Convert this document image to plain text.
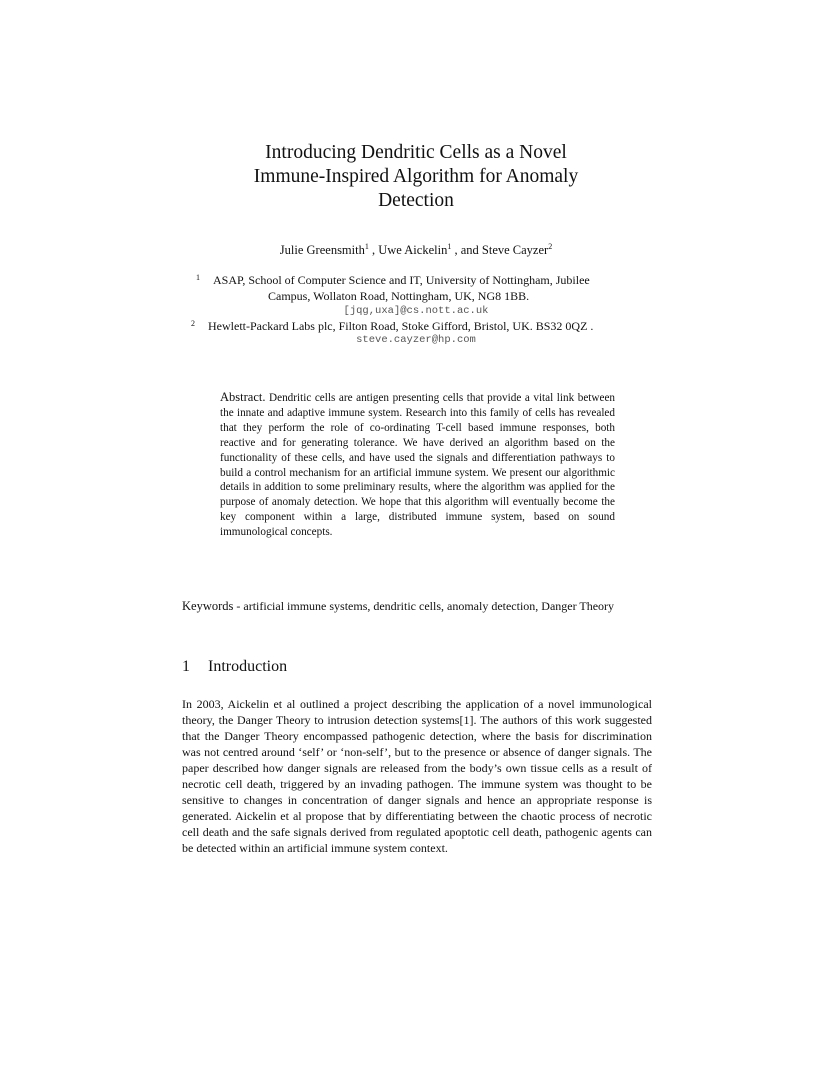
Introducing Dendritic Cells as a Novel
Immune-Inspired Algorithm for Anomaly
Detection
Julie Greensmith$^1$ , Uwe Aickelin$^1$ , and Steve Cayzer$^2$
1 ASAP, School of Computer Science and IT, University of Nottingham, Jubilee
Campus, Wollaton Road, Nottingham, UK, NG8 1BB.
[jqg,uxa]@cs.nott.ac.uk
2 Hewlett-Packard Labs plc, Filton Road, Stoke Gifford, Bristol, UK. BS32 0QZ .
steve.cayzer@hp.com
Abstract. Dendritic cells are antigen presenting cells that provide a vital link between the innate and adaptive immune system. Research into this family of cells has revealed that they perform the role of co-ordinating T-cell based immune responses, both reactive and for generating tolerance. We have derived an algorithm based on the functionality of these cells, and have used the signals and differentiation pathways to build a control mechanism for an artificial immune system. We present our algorithmic details in addition to some preliminary results, where the algorithm was applied for the purpose of anomaly detection. We hope that this algorithm will eventually become the key component within a large, distributed immune system, based on sound immunological concepts.
Keywords - artificial immune systems, dendritic cells, anomaly detection, Danger Theory
1 Introduction
In 2003, Aickelin et al outlined a project describing the application of a novel immunological theory, the Danger Theory to intrusion detection systems[1]. The authors of this work suggested that the Danger Theory encompassed pathogenic detection, where the basis for discrimination was not centred around ‘self’ or ‘non-self’, but to the presence or absence of danger signals. The paper described how danger signals are released from the body’s own tissue cells as a result of necrotic cell death, triggered by an invading pathogen. The immune system was thought to be sensitive to changes in concentration of danger signals and hence an appropriate response is generated. Aickelin et al propose that by differentiating between the chaotic process of necrotic cell death and the safe signals derived from regulated apoptotic cell death, pathogenic agents can be detected within an artificial immune system context.
